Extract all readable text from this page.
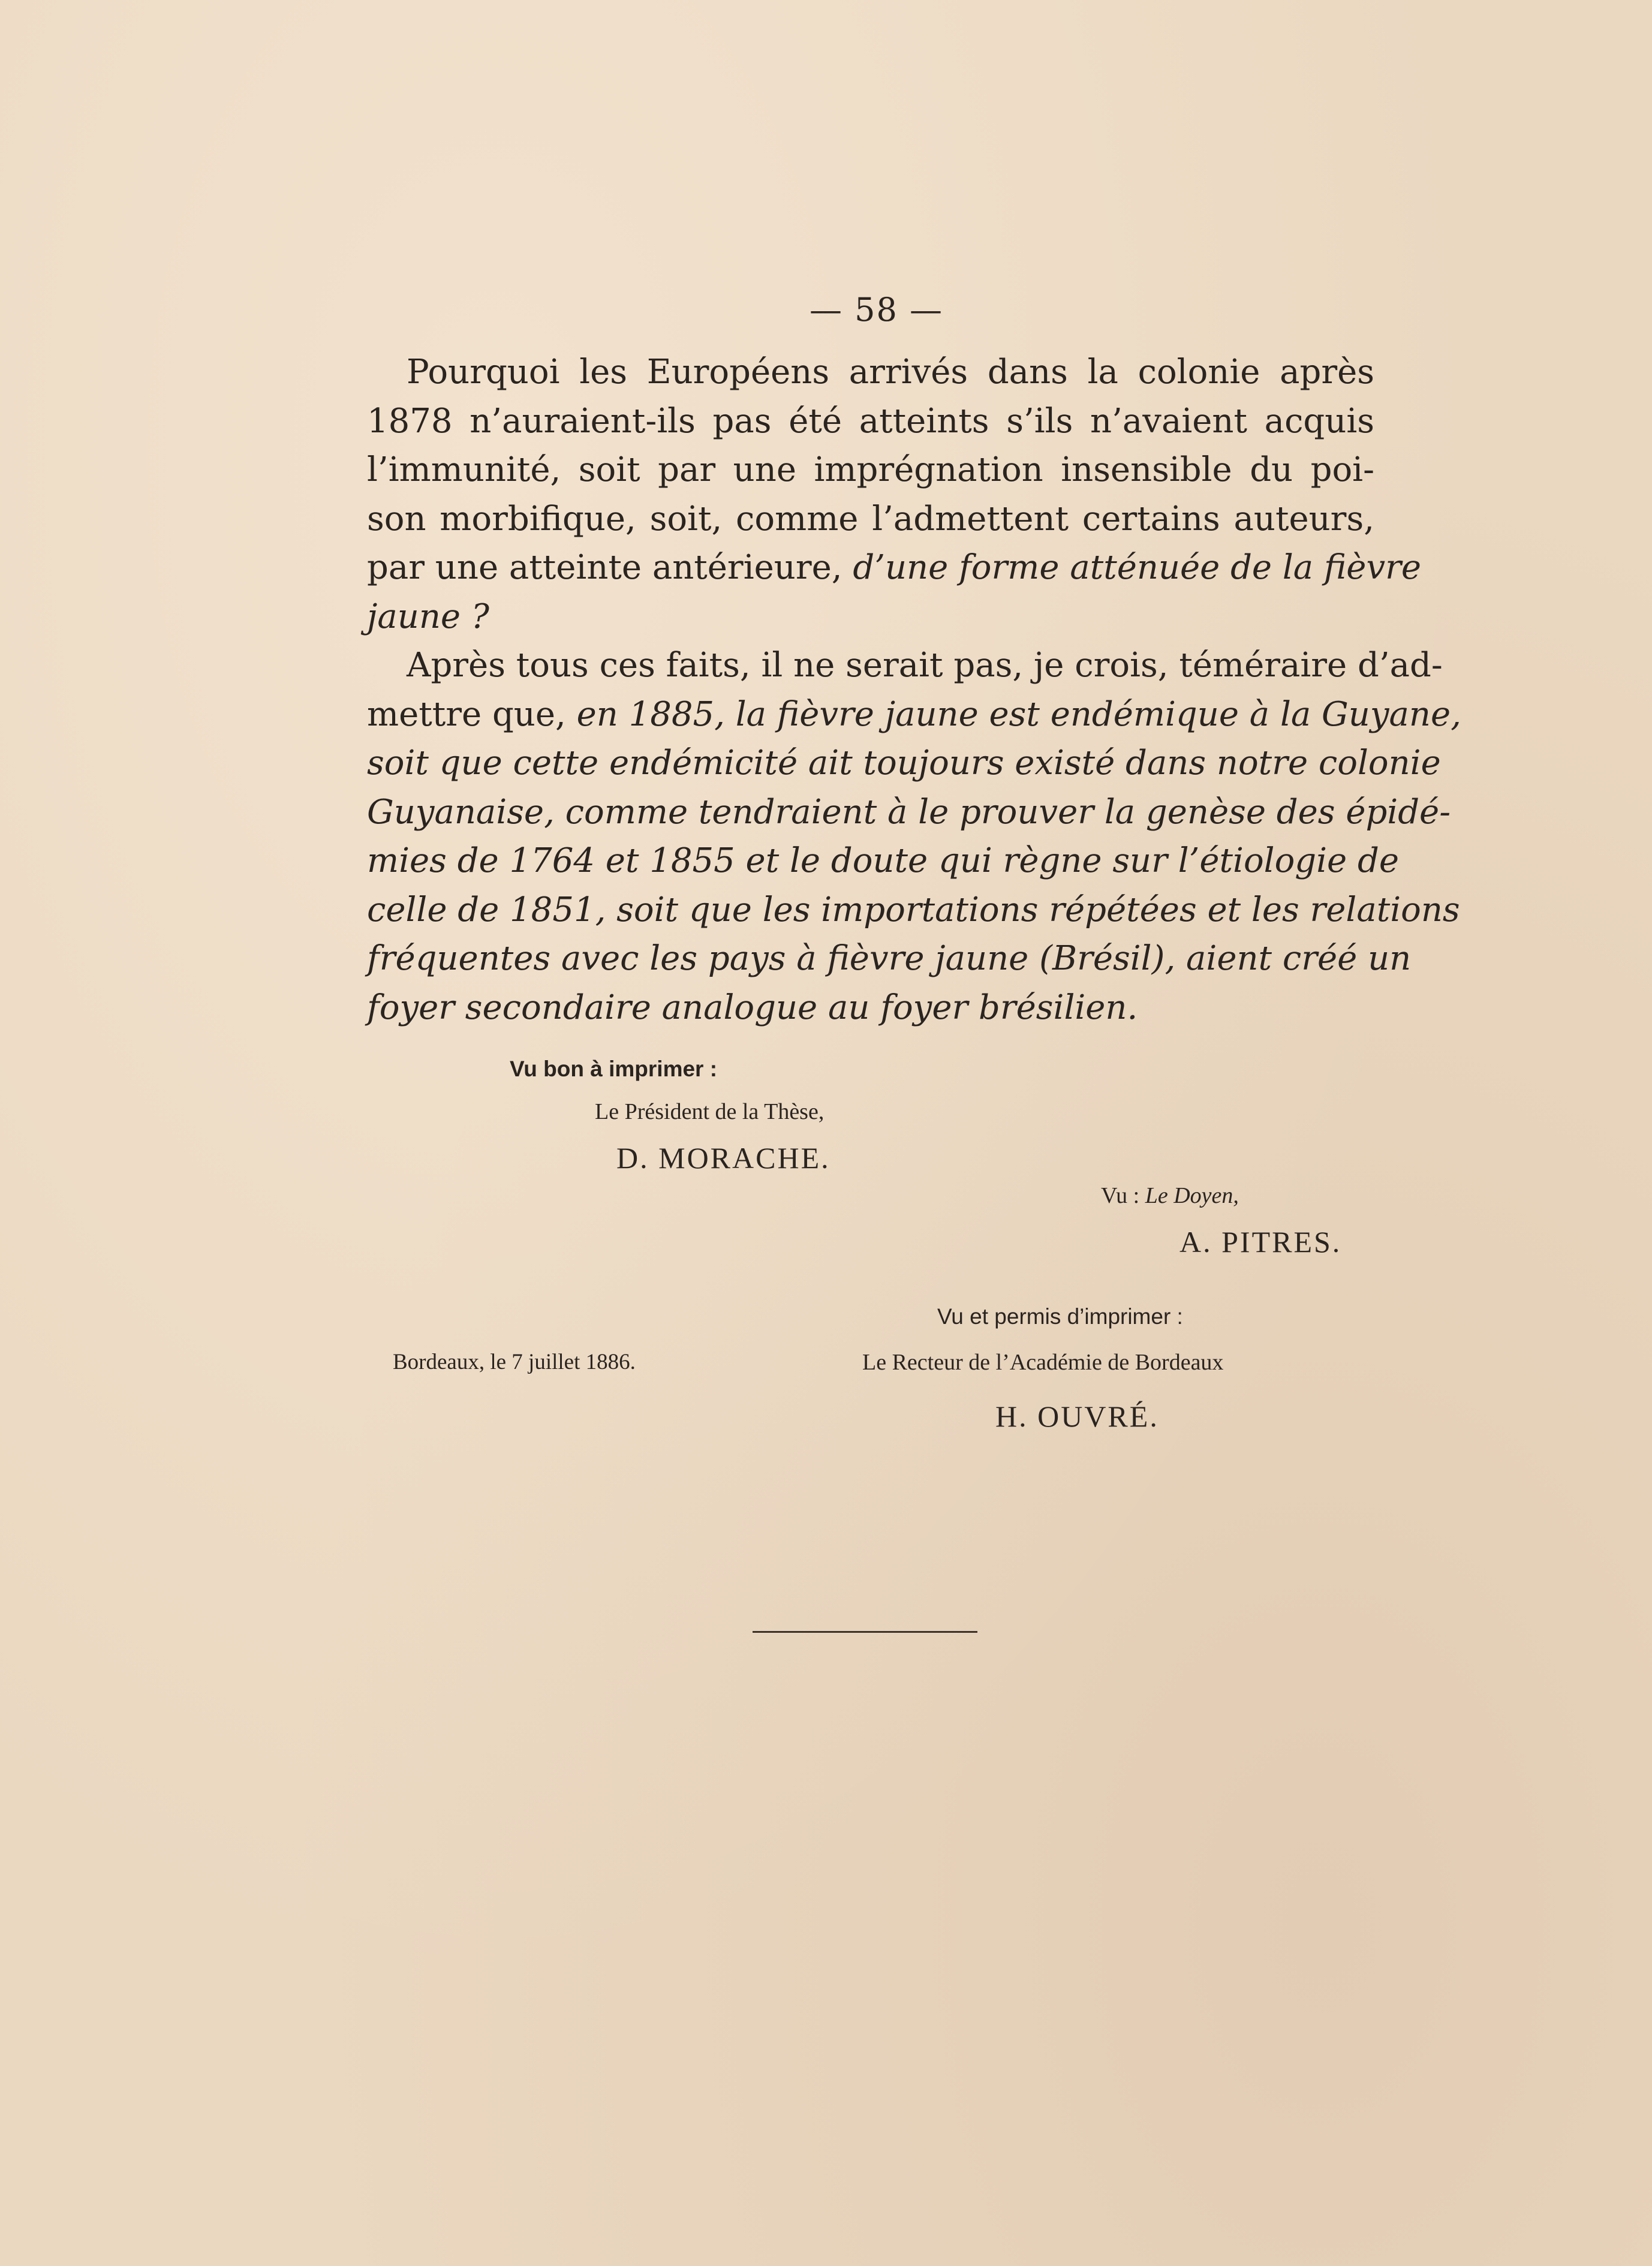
— 58 —
Pourquoi les Européens arrivés dans la colonie après
1878 n’auraient-ils pas été atteints s’ils n’avaient acquis
l’immunité, soit par une imprégnation insensible du poi-
son morbifique, soit, comme l’admettent certains auteurs,
par une atteinte antérieure, d’une forme atténuée de la fièvre
jaune ?
Après tous ces faits, il ne serait pas, je crois, téméraire d’ad-
mettre que, en 1885, la fièvre jaune est endémique à la Guyane,
soit que cette endémicité ait toujours existé dans notre colonie
Guyanaise, comme tendraient à le prouver la genèse des épidé-
mies de 1764 et 1855 et le doute qui règne sur l’étiologie de
celle de 1851, soit que les importations répétées et les relations
fréquentes avec les pays à fièvre jaune (Brésil), aient créé un
foyer secondaire analogue au foyer brésilien.
Vu bon à imprimer :
Le Président de la Thèse,
D. MORACHE.
Vu : Le Doyen,
A. PITRES.
Vu et permis d’imprimer :
Bordeaux, le 7 juillet 1886.	Le Recteur de l’Académie de Bordeaux
H. OUVRÉ.
